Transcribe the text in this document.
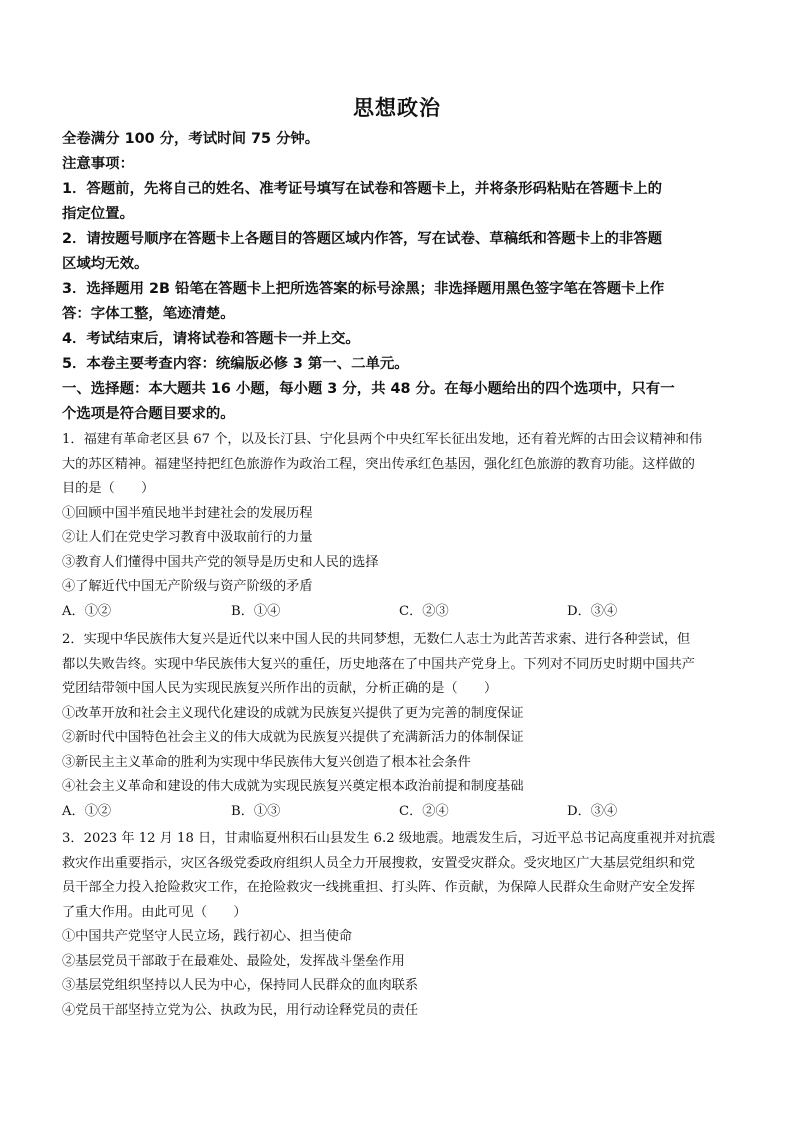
思想政治
全卷满分 100 分，考试时间 75 分钟。
注意事项：
1．答题前，先将自己的姓名、准考证号填写在试卷和答题卡上，并将条形码粘贴在答题卡上的
指定位置。
2．请按题号顺序在答题卡上各题目的答题区域内作答，写在试卷、草稿纸和答题卡上的非答题
区域均无效。
3．选择题用 2B 铅笔在答题卡上把所选答案的标号涂黑；非选择题用黑色签字笔在答题卡上作
答：字体工整，笔迹清楚。
4．考试结束后，请将试卷和答题卡一并上交。
5．本卷主要考查内容：统编版必修 3 第一、二单元。
一、选择题：本大题共 16 小题，每小题 3 分，共 48 分。在每小题给出的四个选项中，只有一
个选项是符合题目要求的。
1．福建有革命老区县 67 个，以及长汀县、宁化县两个中央红军长征出发地，还有着光辉的古田会议精神和伟
大的苏区精神。福建坚持把红色旅游作为政治工程，突出传承红色基因，强化红色旅游的教育功能。这样做的
目的是（　　）
①回顾中国半殖民地半封建社会的发展历程
②让人们在党史学习教育中汲取前行的力量
③教育人们懂得中国共产党的领导是历史和人民的选择
④了解近代中国无产阶级与资产阶级的矛盾
A．①②	B．①④	C．②③	D．③④
2．实现中华民族伟大复兴是近代以来中国人民的共同梦想，无数仁人志士为此苦苦求索、进行各种尝试，但
都以失败告终。实现中华民族伟大复兴的重任，历史地落在了中国共产党身上。下列对不同历史时期中国共产
党团结带领中国人民为实现民族复兴所作出的贡献，分析正确的是（　　）
①改革开放和社会主义现代化建设的成就为民族复兴提供了更为完善的制度保证
②新时代中国特色社会主义的伟大成就为民族复兴提供了充满新活力的体制保证
③新民主主义革命的胜利为实现中华民族伟大复兴创造了根本社会条件
④社会主义革命和建设的伟大成就为实现民族复兴奠定根本政治前提和制度基础
A．①②	B．①③	C．②④	D．③④
3．2023 年 12 月 18 日，甘肃临夏州积石山县发生 6.2 级地震。地震发生后，习近平总书记高度重视并对抗震
救灾作出重要指示，灾区各级党委政府组织人员全力开展搜救，安置受灾群众。受灾地区广大基层党组织和党
员干部全力投入抢险救灾工作，在抢险救灾一线挑重担、打头阵、作贡献，为保障人民群众生命财产安全发挥
了重大作用。由此可见（　　）
①中国共产党坚守人民立场，践行初心、担当使命
②基层党员干部敢于在最难处、最险处，发挥战斗堡垒作用
③基层党组织坚持以人民为中心，保持同人民群众的血肉联系
④党员干部坚持立党为公、执政为民，用行动诠释党员的责任
